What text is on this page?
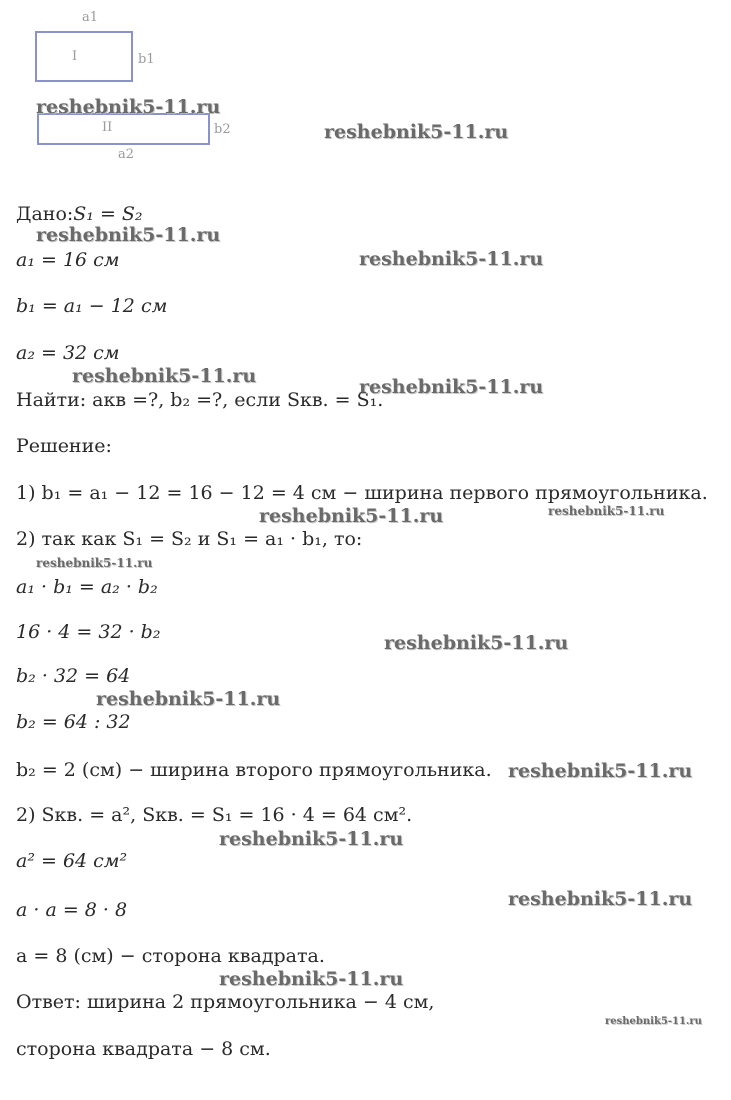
a1
I	b1
II	b2
a2
Дано:S₁ = S₂
a₁ = 16 см
b₁ = a₁ − 12 см
a₂ = 32 см
Найти: aкв =?, b₂ =?, если Sкв. = S₁.
Решение:
1) b₁ = a₁ − 12 = 16 − 12 = 4 см − ширина первого прямоугольника.
2) так как S₁ = S₂ и S₁ = a₁ · b₁, то:
a₁ · b₁ = a₂ · b₂
16 · 4 = 32 · b₂
b₂ · 32 = 64
b₂ = 64 : 32
b₂ = 2 (см) − ширина второго прямоугольника.
2) Sкв. = a², Sкв. = S₁ = 16 · 4 = 64 см².
a² = 64 см²
a · a = 8 · 8
a = 8 (см) − сторона квадрата.
Ответ: ширина 2 прямоугольника − 4 см,
сторона квадрата − 8 см.
reshebnik5-11.ru
reshebnik5-11.ru
reshebnik5-11.ru
reshebnik5-11.ru
reshebnik5-11.ru	reshebnik5-11.ru
reshebnik5-11.ru
reshebnik5-11.ru
reshebnik5-11.ru
reshebnik5-11.ru
reshebnik5-11.ru
reshebnik5-11.ru
reshebnik5-11.ru
reshebnik5-11.ru
reshebnik5-11.ru
reshebnik5-11.ru
